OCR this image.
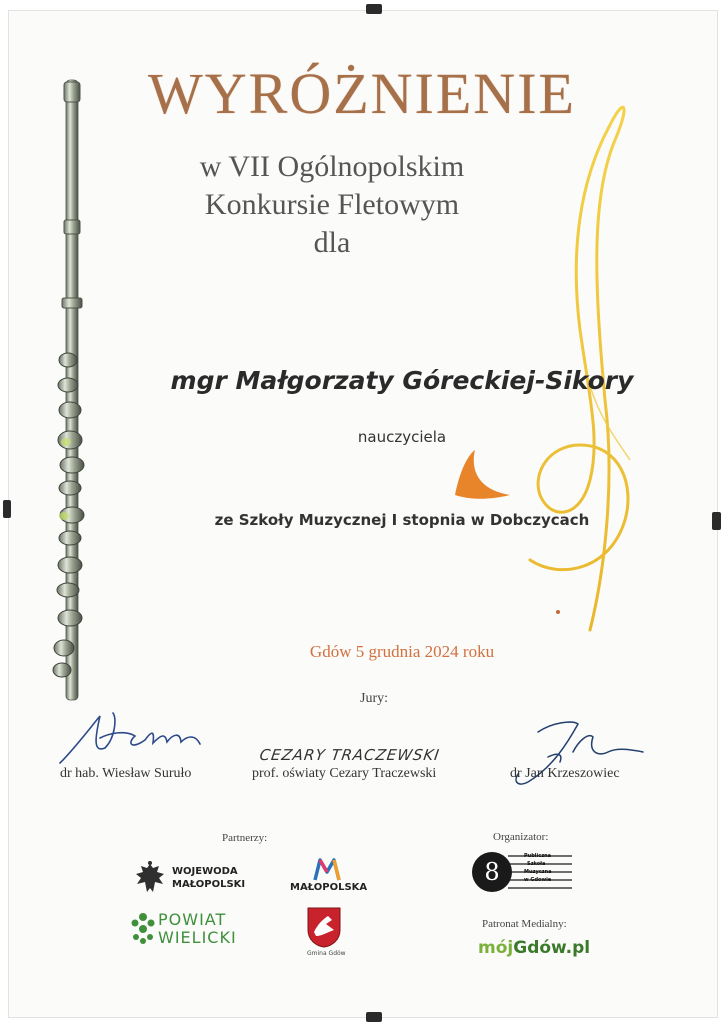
WYRÓŻNIENIE
w VII Ogólnopolskim
Konkursie Fletowym
dla
mgr Małgorzaty Góreckiej-Sikory
nauczyciela
ze Szkoły Muzycznej I stopnia w Dobczycach
Gdów 5 grudnia 2024 roku
Jury:
CEZARY TRACZEWSKI
dr hab. Wiesław Suruło	prof. oświaty Cezary Traczewski	dr Jan Krzeszowiec
Partnerzy:
WOJEWODA
MAŁOPOLSKI	MAŁOPOLSKA
POWIAT
WIELICKI
Gmina Gdów
Organizator:
8
Publiczna
Szkoła
Muzyczna
w Gdowie
Patronat Medialny:
mójGdów.pl
